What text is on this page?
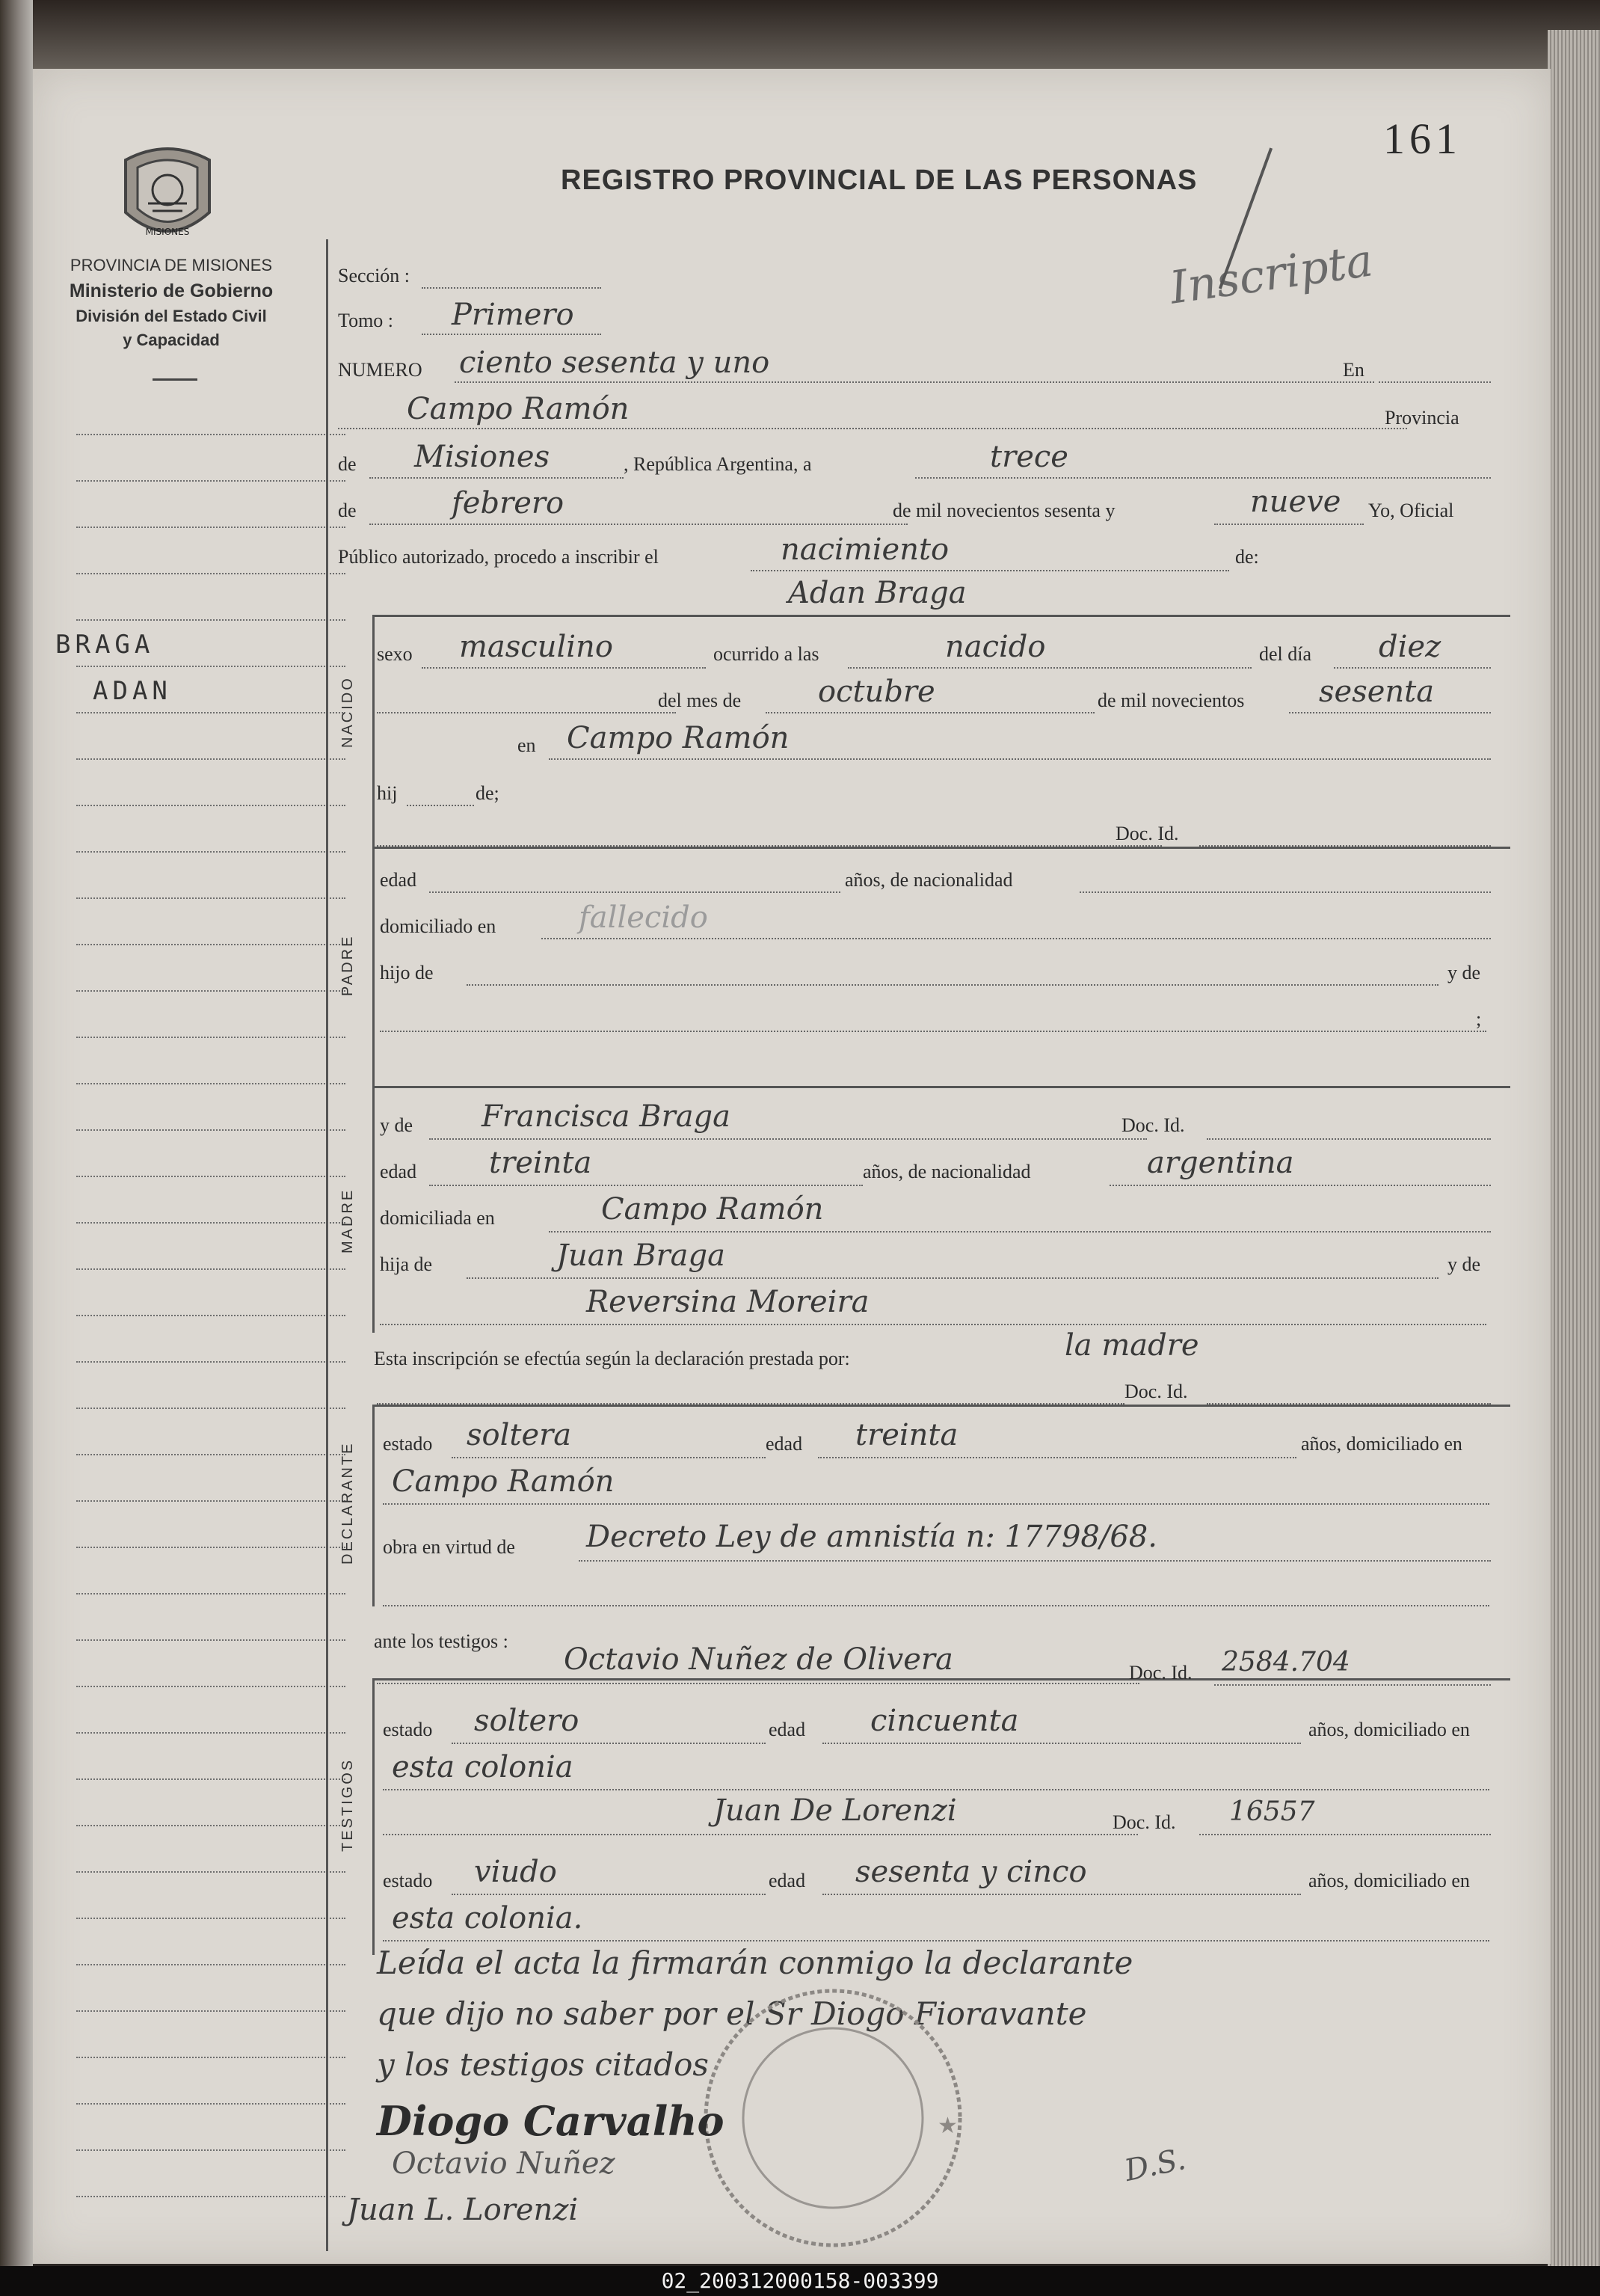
161
MISIONES
PROVINCIA DE MISIONES
Ministerio de Gobierno
División del Estado Civil
y Capacidad
REGISTRO PROVINCIAL DE LAS PERSONAS
Inscripta
BRAGA
ADAN
Sección :
Tomo : Primero
NUMERO ciento sesenta y uno	En
Campo Ramón	Provincia
de Misiones	, República Argentina, a	trece
de	febrero	de mil novecientos sesenta y	nueve Yo, Oficial
Público autorizado, procedo a inscribir el	nacimiento	de:
Adan Braga
NACIDO
sexo masculino	ocurrido a las	nacido	del día diez
del mes de	octubre	de mil novecientos sesenta
en Campo Ramón
hij	de;
PADRE
Doc. Id.
edad	años, de nacionalidad
domiciliado en	fallecido
hijo de	y de
;
MADRE
y de Francisca Braga	Doc. Id.
edad treinta	años, de nacionalidad	argentina
domiciliada en	Campo Ramón
hija de	Juan Braga	y de
Reversina Moreira
Esta inscripción se efectúa según la declaración prestada por:	la madre
DECLARANTE
Doc. Id.
estado soltera	edad treinta	años, domiciliado en
Campo Ramón
obra en virtud de Decreto Ley de amnistía n: 17798/68.
ante los testigos :
TESTIGOS
Octavio Nuñez de Olivera	Doc. Id. 2584.704
estado soltero	edad cincuenta	años, domiciliado en
esta colonia
Juan De Lorenzi	Doc. Id. 16557
estado viudo	edad sesenta y cinco	años, domiciliado en
esta colonia.
Leída el acta la firmarán conmigo la declarante
que dijo no saber por el Sr Diogo Fioravante
y los testigos citados
★
Diogo Carvalho
Octavio Nuñez
Juan L. Lorenzi
D.S.
02_200312000158-003399
